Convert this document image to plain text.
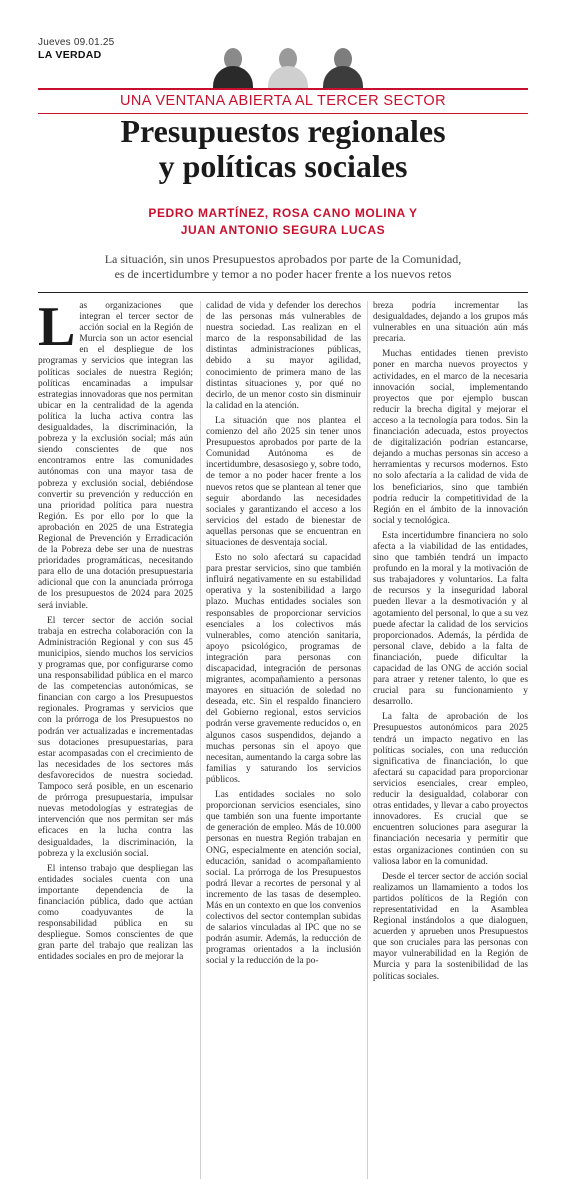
Jueves 09.01.25
LA VERDAD
UNA VENTANA ABIERTA AL TERCER SECTOR
Presupuestos regionales
y políticas sociales
PEDRO MARTÍNEZ, ROSA CANO MOLINA Y
JUAN ANTONIO SEGURA LUCAS
La situación, sin unos Presupuestos aprobados por parte de la Comunidad,
es de incertidumbre y temor a no poder hacer frente a los nuevos retos
L as organizaciones que integran el tercer sector de acción social en la Región de Murcia son un actor esencial en el despliegue de los programas y servicios que integran las políticas sociales de nuestra Región; políticas encaminadas a impulsar estrategias innovadoras que nos permitan ubicar en la centralidad de la agenda política la lucha activa contra las desigualdades, la discriminación, la pobreza y la exclusión social; más aún siendo conscientes de que nos encontramos entre las comunidades autónomas con una mayor tasa de pobreza y exclusión social, debiéndose convertir su prevención y reducción en una prioridad política para nuestra Región. Es por ello por lo que la aprobación en 2025 de una Estrategia Regional de Prevención y Erradicación de la Pobreza debe ser una de nuestras prioridades programáticas, necesitando para ello de una dotación presupuestaria adicional que con la anunciada prórroga de los presupuestos de 2024 para 2025 será inviable.

El tercer sector de acción social trabaja en estrecha colaboración con la Administración Regional y con sus 45 municipios, siendo muchos los servicios y programas que, por configurarse como una responsabilidad pública en el marco de las competencias autonómicas, se financian con cargo a los Presupuestos regionales. Programas y servicios que con la prórroga de los Presupuestos no podrán ver actualizadas e incrementadas sus dotaciones presupuestarias, para estar acompasadas con el crecimiento de las necesidades de los sectores más desfavorecidos de nuestra sociedad. Tampoco será posible, en un escenario de prórroga presupuestaria, impulsar nuevas metodologías y estrategias de intervención que nos permitan ser más eficaces en la lucha contra las desigualdades, la discriminación, la pobreza y la exclusión social.

El intenso trabajo que despliegan las entidades sociales cuenta con una importante dependencia de la financiación pública, dado que actúan como coadyuvantes de la responsabilidad pública en su despliegue. Somos conscientes de que gran parte del trabajo que realizan las entidades sociales en pro de mejorar la

calidad de vida y defender los derechos de las personas más vulnerables de nuestra sociedad. Las realizan en el marco de la responsabilidad de las distintas administraciones públicas, debido a su mayor agilidad, conocimiento de primera mano de las distintas situaciones y, por qué no decirlo, de un menor costo sin disminuir la calidad en la atención.

La situación que nos plantea el comienzo del año 2025 sin tener unos Presupuestos aprobados por parte de la Comunidad Autónoma es de incertidumbre, desasosiego y, sobre todo, de temor a no poder hacer frente a los nuevos retos que se plantean al tener que seguir abordando las necesidades sociales y garantizando el acceso a los servicios del estado de bienestar de aquellas personas que se encuentran en situaciones de desventaja social.

Esto no solo afectará su capacidad para prestar servicios, sino que también influirá negativamente en su estabilidad operativa y la sostenibilidad a largo plazo. Muchas entidades sociales son responsables de proporcionar servicios esenciales a los colectivos más vulnerables, como atención sanitaria, apoyo psicológico, programas de integración para personas con discapacidad, integración de personas migrantes, acompañamiento a personas mayores en situación de soledad no deseada, etc. Sin el respaldo financiero del Gobierno regional, estos servicios podrán verse gravemente reducidos o, en algunos casos suspendidos, dejando a muchas personas sin el apoyo que necesitan, aumentando la carga sobre las familias y saturando los servicios públicos.

Las entidades sociales no solo proporcionan servicios esenciales, sino que también son una fuente importante de generación de empleo. Más de 10.000 personas en nuestra Región trabajan en ONG, especialmente en atención social, educación, sanidad o acompañamiento social. La prórroga de los Presupuestos podrá llevar a recortes de personal y al incremento de las tasas de desempleo. Más en un contexto en que los convenios colectivos del sector contemplan subidas de salarios vinculadas al IPC que no se podrán asumir. Además, la reducción de programas orientados a la inclusión social y la reducción de la po-

breza podría incrementar las desigualdades, dejando a los grupos más vulnerables en una situación aún más precaria.

Muchas entidades tienen previsto poner en marcha nuevos proyectos y actividades, en el marco de la necesaria innovación social, implementando proyectos que por ejemplo buscan reducir la brecha digital y mejorar el acceso a la tecnología para todos. Sin la financiación adecuada, estos proyectos de digitalización podrían estancarse, dejando a muchas personas sin acceso a herramientas y recursos modernos. Esto no solo afectaría a la calidad de vida de los beneficiarios, sino que también podría reducir la competitividad de la Región en el ámbito de la innovación social y tecnológica.

Esta incertidumbre financiera no solo afecta a la viabilidad de las entidades, sino que también tendrá un impacto profundo en la moral y la motivación de sus trabajadores y voluntarios. La falta de recursos y la inseguridad laboral pueden llevar a la desmotivación y al agotamiento del personal, lo que a su vez puede afectar la calidad de los servicios proporcionados. Además, la pérdida de personal clave, debido a la falta de financiación, puede dificultar la capacidad de las ONG de acción social para atraer y retener talento, lo que es crucial para su funcionamiento y desarrollo.

La falta de aprobación de los Presupuestos autonómicos para 2025 tendrá un impacto negativo en las políticas sociales, con una reducción significativa de financiación, lo que afectará su capacidad para proporcionar servicios esenciales, crear empleo, reducir la desigualdad, colaborar con otras entidades, y llevar a cabo proyectos innovadores. Es crucial que se encuentren soluciones para asegurar la financiación necesaria y permitir que estas organizaciones continúen con su valiosa labor en la comunidad.

Desde el tercer sector de acción social realizamos un llamamiento a todos los partidos políticos de la Región con representatividad en la Asamblea Regional instándolos a que dialoguen, acuerden y aprueben unos Presupuestos que son cruciales para las personas con mayor vulnerabilidad en la Región de Murcia y para la sostenibilidad de las políticas sociales.
